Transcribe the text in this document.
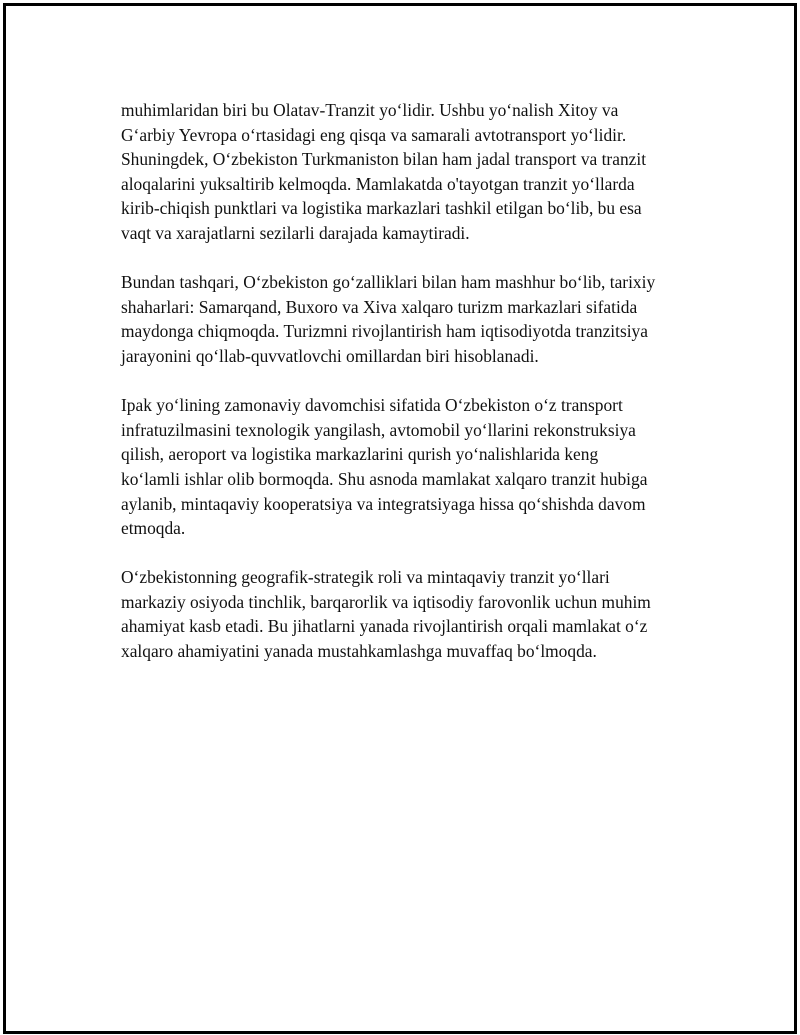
muhimlaridan biri bu Olatav-Tranzit yo‘lidir. Ushbu yo‘nalish Xitoy va
G‘arbiy Yevropa o‘rtasidagi eng qisqa va samarali avtotransport yo‘lidir.
Shuningdek, O‘zbekiston Turkmaniston bilan ham jadal transport va tranzit
aloqalarini yuksaltirib kelmoqda. Mamlakatda o'tayotgan tranzit yo‘llarda
kirib-chiqish punktlari va logistika markazlari tashkil etilgan bo‘lib, bu esa
vaqt va xarajatlarni sezilarli darajada kamaytiradi.

Bundan tashqari, O‘zbekiston go‘zalliklari bilan ham mashhur bo‘lib, tarixiy
shaharlari: Samarqand, Buxoro va Xiva xalqaro turizm markazlari sifatida
maydonga chiqmoqda. Turizmni rivojlantirish ham iqtisodiyotda tranzitsiya
jarayonini qo‘llab-quvvatlovchi omillardan biri hisoblanadi.

Ipak yo‘lining zamonaviy davomchisi sifatida O‘zbekiston o‘z transport
infratuzilmasini texnologik yangilash, avtomobil yo‘llarini rekonstruksiya
qilish, aeroport va logistika markazlarini qurish yo‘nalishlarida keng
ko‘lamli ishlar olib bormoqda. Shu asnoda mamlakat xalqaro tranzit hubiga
aylanib, mintaqaviy kooperatsiya va integratsiyaga hissa qo‘shishda davom
etmoqda.

O‘zbekistonning geografik-strategik roli va mintaqaviy tranzit yo‘llari
markaziy osiyoda tinchlik, barqarorlik va iqtisodiy farovonlik uchun muhim
ahamiyat kasb etadi. Bu jihatlarni yanada rivojlantirish orqali mamlakat o‘z
xalqaro ahamiyatini yanada mustahkamlashga muvaffaq bo‘lmoqda.
